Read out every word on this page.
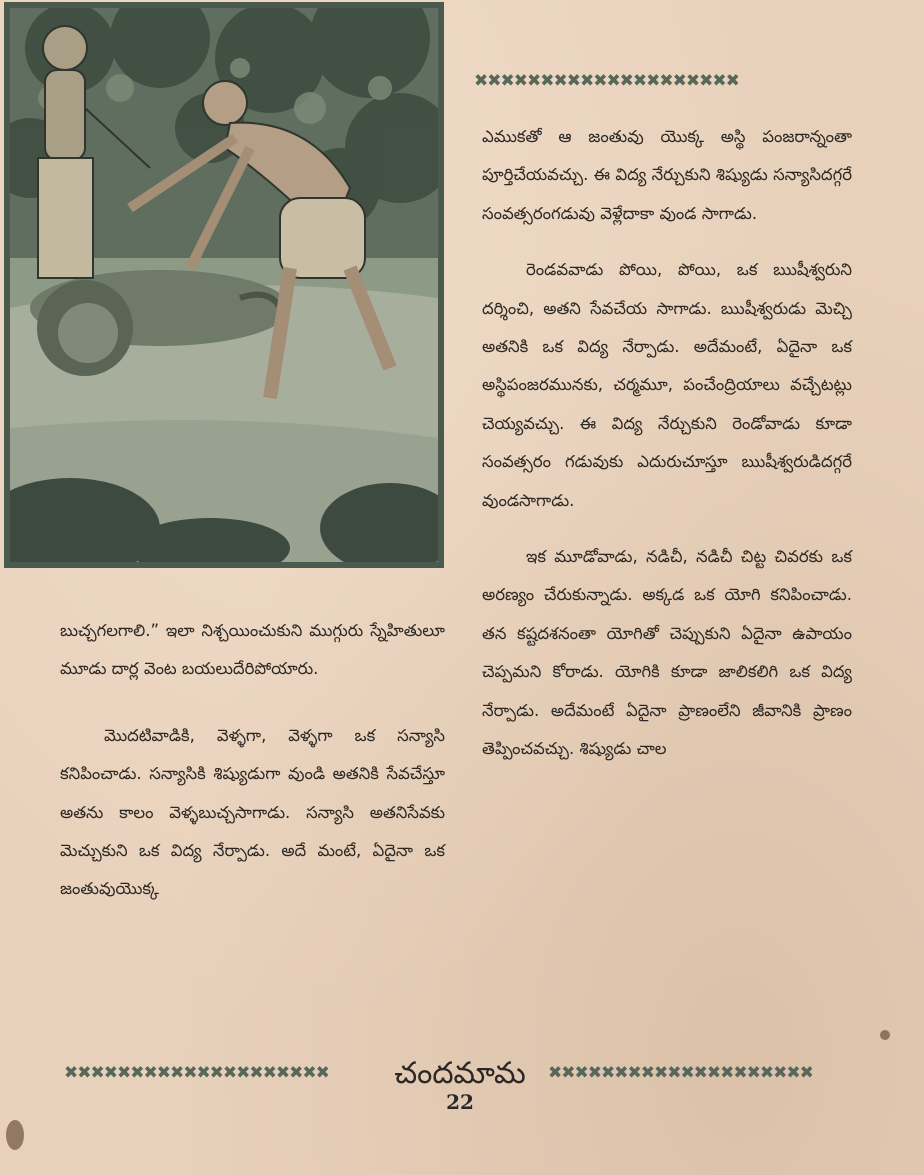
✖✖✖✖✖✖✖✖✖✖✖✖✖✖✖✖✖✖✖✖

ఎముకతో ఆ జంతువు యొక్క అస్థి పంజరాన్నంతా పూర్తిచేయవచ్చు. ఈ విద్య నేర్చుకుని శిష్యుడు సన్యాసిదగ్గరే సంవత్సరంగడువు వెళ్లేదాకా వుండ సాగాడు.

రెండవవాడు పోయి, పోయి, ఒక ఋషీశ్వరుని దర్శించి, అతని సేవచేయ సాగాడు. ఋషీశ్వరుడు మెచ్చి అతనికి ఒక విద్య నేర్పాడు. అదేమంటే, ఏదైనా ఒక అస్థిపంజరమునకు, చర్మమూ, పంచేంద్రియాలు వచ్చేటట్లు చెయ్యవచ్చు. ఈ విద్య నేర్చుకుని రెండోవాడు కూడా సంవత్సరం గడువుకు ఎదురుచూస్తూ ఋషీశ్వరుడిదగ్గరే వుండసాగాడు.

ఇక మూడోవాడు, నడిచీ, నడిచీ చిట్ట చివరకు ఒక అరణ్యం చేరుకున్నాడు. అక్కడ ఒక యోగి కనిపించాడు. తన కష్టదశనంతా యోగితో చెప్పుకుని ఏదైనా ఉపాయం చెప్పమని కోరాడు. యోగికి కూడా జాలికలిగి ఒక విద్య నేర్పాడు. అదేమంటే ఏదైనా ప్రాణంలేని జీవానికి ప్రాణం తెప్పించవచ్చు. శిష్యుడు చాల

బుచ్చగలగాలి.” ఇలా నిశ్చయించుకుని ముగ్గురు స్నేహితులూ మూడు దార్ల వెంట బయలుదేరిపోయారు.

మొదటివాడికి, వెళ్ళగా, వెళ్ళగా ఒక సన్యాసి కనిపించాడు. సన్యాసికి శిష్యుడుగా వుండి అతనికి సేవచేస్తూ అతను కాలం వెళ్ళబుచ్చసాగాడు. సన్యాసి అతనిసేవకు మెచ్చుకుని ఒక విద్య నేర్పాడు. అదే మంటే, ఏదైనా ఒక జంతువుయొక్క

✖✖✖✖✖✖✖✖✖✖✖✖✖✖✖✖✖✖✖✖	చందమామ	✖✖✖✖✖✖✖✖✖✖✖✖✖✖✖✖✖✖✖✖
22
